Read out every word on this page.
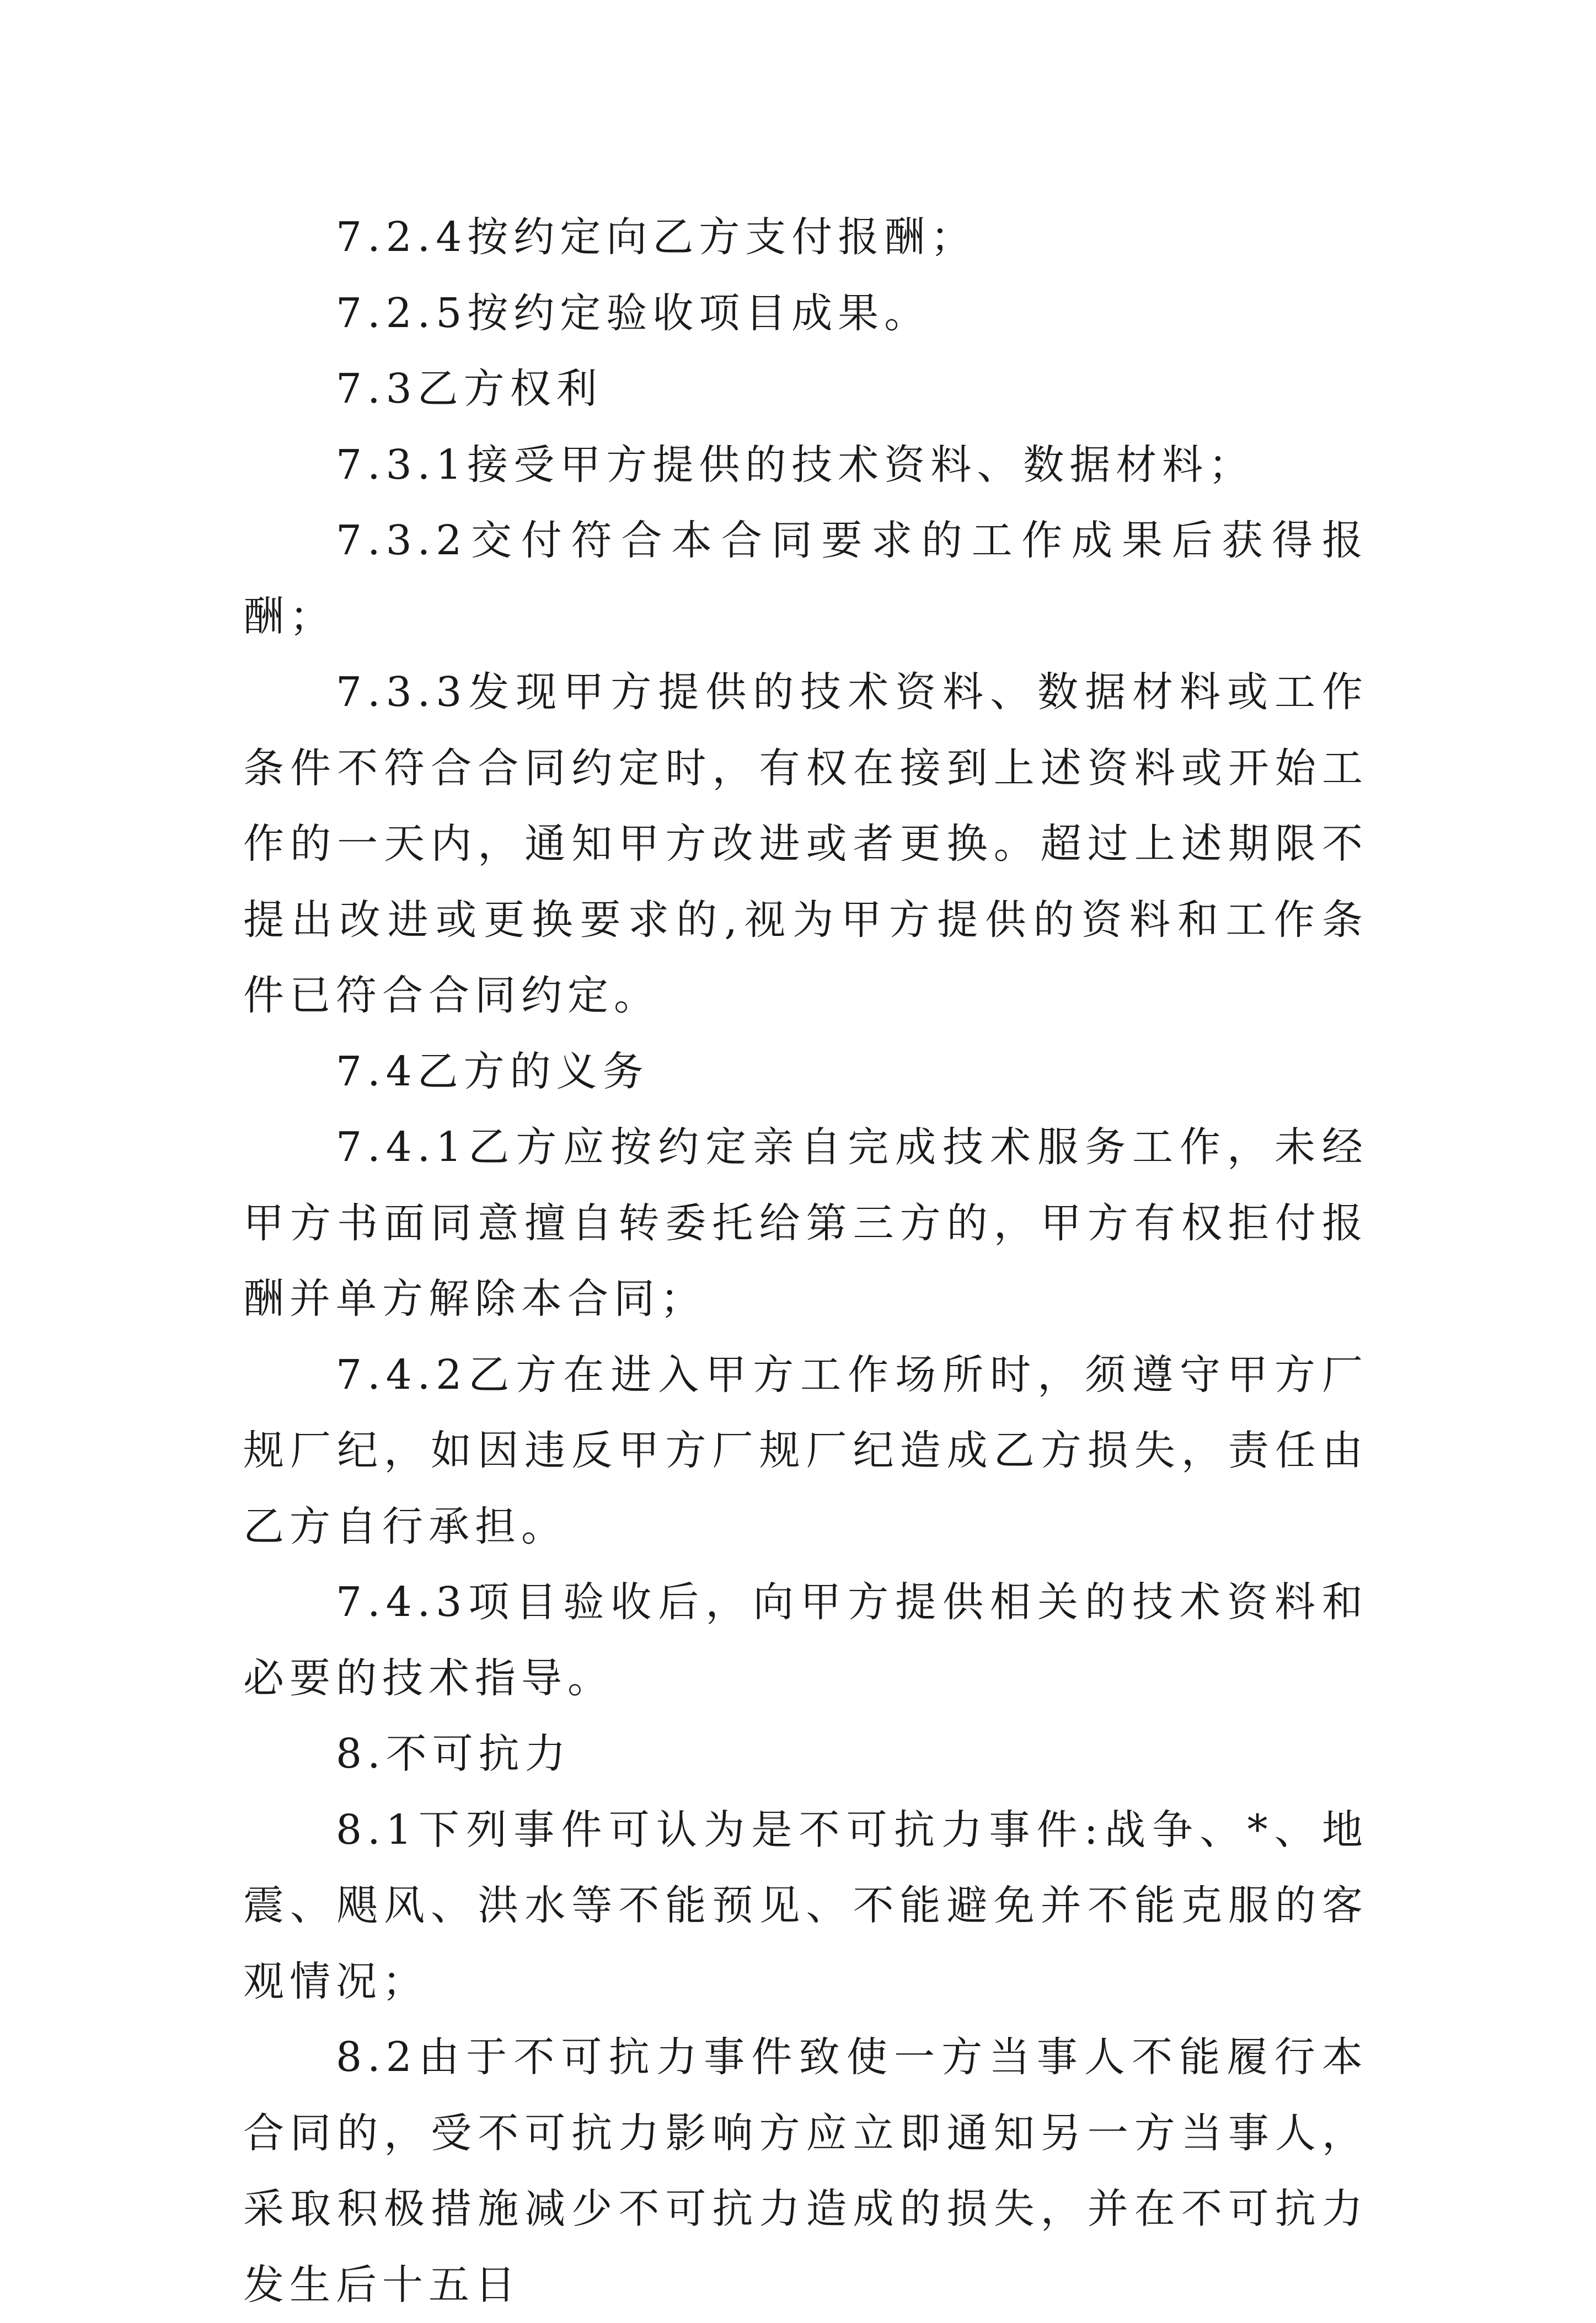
7.2.4按约定向乙方支付报酬；

7.2.5按约定验收项目成果。

7.3乙方权利

7.3.1接受甲方提供的技术资料、数据材料；

7.3.2交付符合本合同要求的工作成果后获得报酬；

7.3.3发现甲方提供的技术资料、数据材料或工作条件不符合合同约定时，有权在接到上述资料或开始工作的一天内，通知甲方改进或者更换。超过上述期限不提出改进或更换要求的,视为甲方提供的资料和工作条件已符合合同约定。

7.4乙方的义务

7.4.1乙方应按约定亲自完成技术服务工作，未经甲方书面同意擅自转委托给第三方的，甲方有权拒付报酬并单方解除本合同；

7.4.2乙方在进入甲方工作场所时，须遵守甲方厂规厂纪，如因违反甲方厂规厂纪造成乙方损失，责任由乙方自行承担。

7.4.3项目验收后，向甲方提供相关的技术资料和必要的技术指导。

8.不可抗力

8.1下列事件可认为是不可抗力事件:战争、*、地震、飓风、洪水等不能预见、不能避免并不能克服的客观情况；

8.2由于不可抗力事件致使一方当事人不能履行本合同的，受不可抗力影响方应立即通知另一方当事人，采取积极措施减少不可抗力造成的损失，并在不可抗力发生后十五日
